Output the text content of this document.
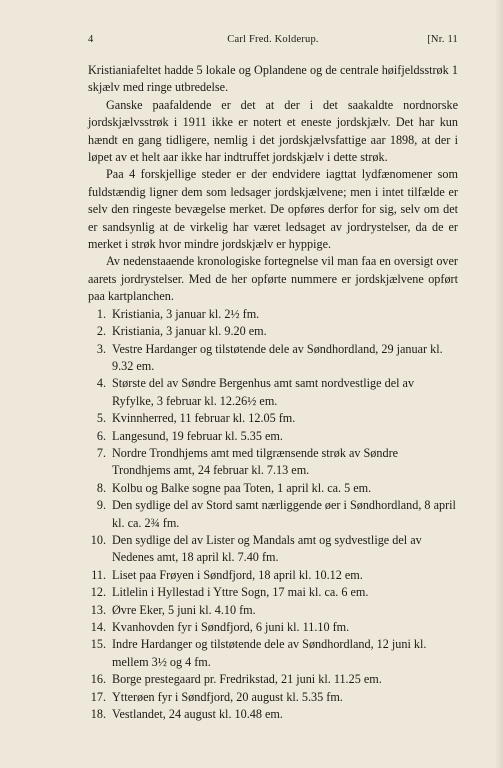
4	Carl Fred. Kolderup.	[Nr. 11

Kristianiafeltet hadde 5 lokale og Oplandene og de centrale høifjeldsstrøk 1 skjælv med ringe utbredelse.

Ganske paafaldende er det at der i det saakaldte nordnorske jordskjælvsstrøk i 1911 ikke er notert et eneste jordskjælv. Det har kun hændt en gang tidligere, nemlig i det jordskjælvsfattige aar 1898, at der i løpet av et helt aar ikke har indtruffet jordskjælv i dette strøk.

Paa 4 forskjellige steder er der endvidere iagttat lydfænomener som fuldstændig ligner dem som ledsager jordskjælvene; men i intet tilfælde er selv den ringeste bevægelse merket. De opføres derfor for sig, selv om det er sandsynlig at de virkelig har været ledsaget av jordrystelser, da de er merket i strøk hvor mindre jordskjælv er hyppige.

Av nedenstaaende kronologiske fortegnelse vil man faa en oversigt over aarets jordrystelser. Med de her opførte nummere er jordskjælvene opført paa kartplanchen.

1. Kristiania, 3 januar kl. 2½ fm.
2. Kristiania, 3 januar kl. 9.20 em.
3. Vestre Hardanger og tilstøtende dele av Søndhordland, 29 januar kl. 9.32 em.
4. Største del av Søndre Bergenhus amt samt nordvestlige del av Ryfylke, 3 februar kl. 12.26½ em.
5. Kvinnherred, 11 februar kl. 12.05 fm.
6. Langesund, 19 februar kl. 5.35 em.
7. Nordre Trondhjems amt med tilgrænsende strøk av Søndre Trondhjems amt, 24 februar kl. 7.13 em.
8. Kolbu og Balke sogne paa Toten, 1 april kl. ca. 5 em.
9. Den sydlige del av Stord samt nærliggende øer i Søndhordland, 8 april kl. ca. 2¾ fm.
10. Den sydlige del av Lister og Mandals amt og sydvestlige del av Nedenes amt, 18 april kl. 7.40 fm.
11. Liset paa Frøyen i Søndfjord, 18 april kl. 10.12 em.
12. Litlelin i Hyllestad i Yttre Sogn, 17 mai kl. ca. 6 em.
13. Øvre Eker, 5 juni kl. 4.10 fm.
14. Kvanhovden fyr i Søndfjord, 6 juni kl. 11.10 fm.
15. Indre Hardanger og tilstøtende dele av Søndhordland, 12 juni kl. mellem 3½ og 4 fm.
16. Borge prestegaard pr. Fredrikstad, 21 juni kl. 11.25 em.
17. Ytterøen fyr i Søndfjord, 20 august kl. 5.35 fm.
18. Vestlandet, 24 august kl. 10.48 em.
